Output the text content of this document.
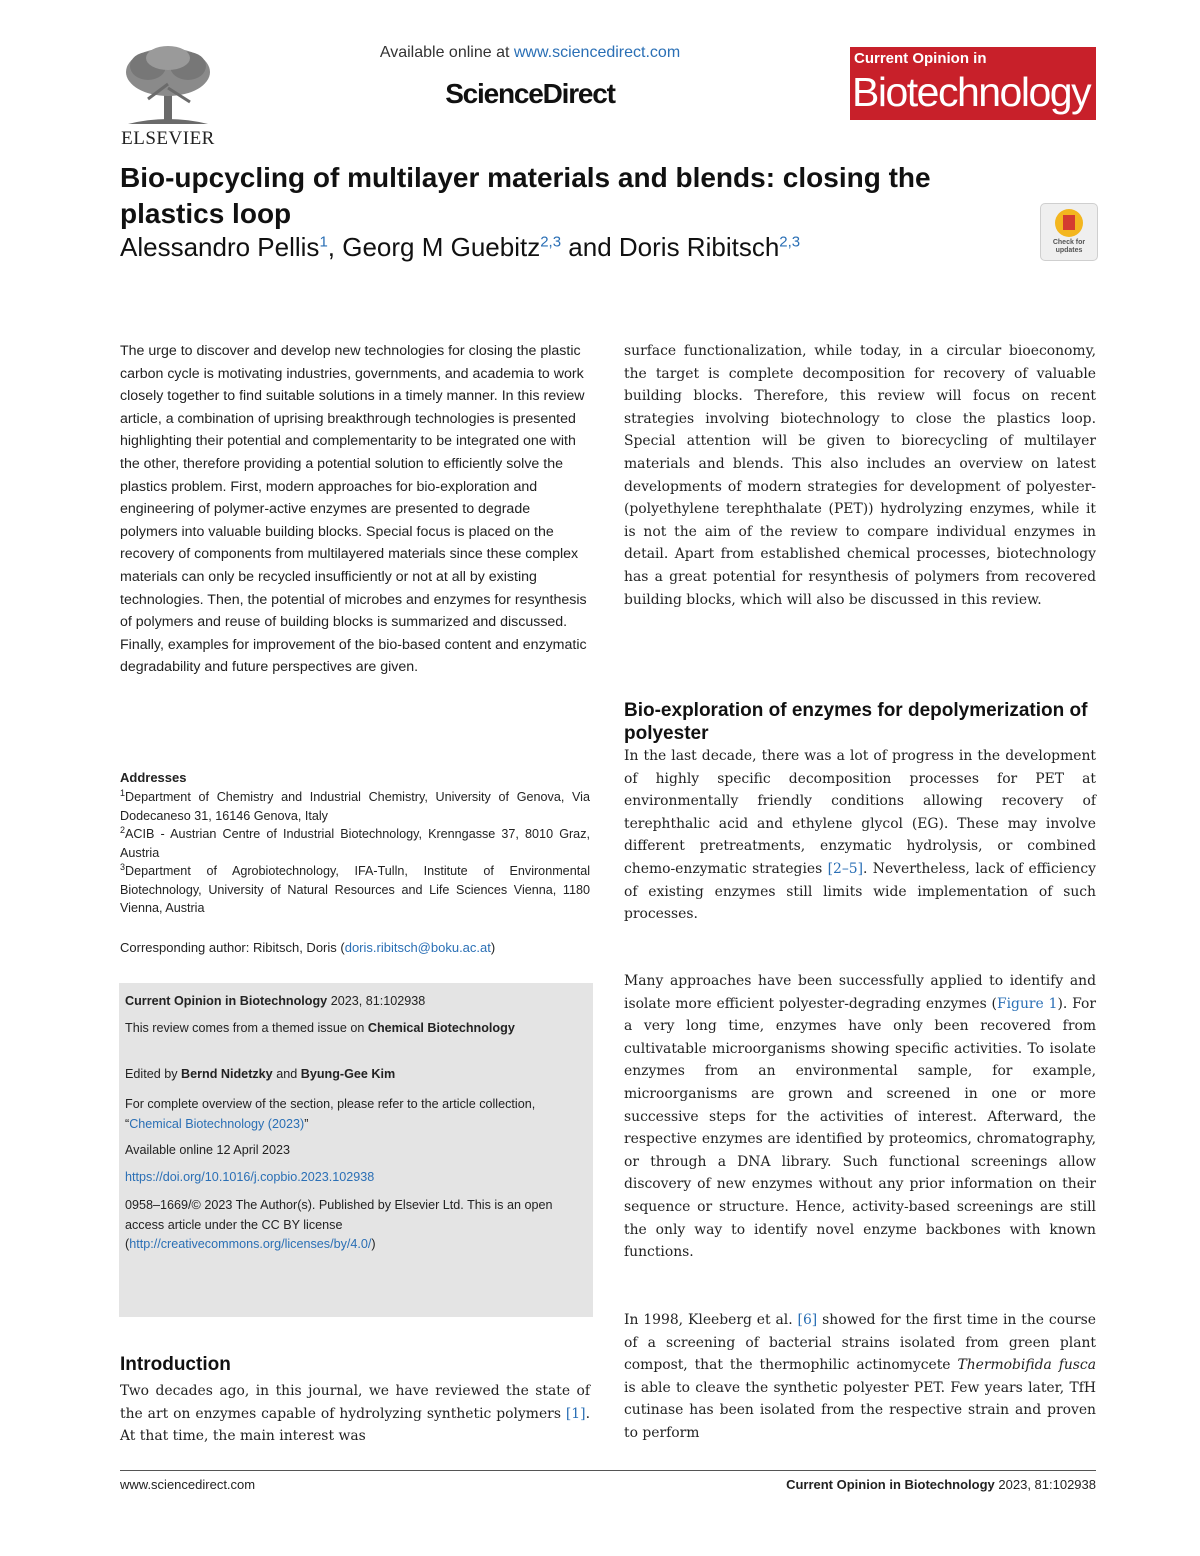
ELSEVIER
Available online at www.sciencedirect.com
ScienceDirect
Current Opinion in
Biotechnology
Bio-upcycling of multilayer materials and blends: closing the plastics loop
Alessandro Pellis$^1$, Georg M Guebitz$^{2,3}$ and Doris Ribitsch$^{2,3}$	Check for updates
The urge to discover and develop new technologies for closing the plastic carbon cycle is motivating industries, governments, and academia to work closely together to find suitable solutions in a timely manner. In this review article, a combination of uprising breakthrough technologies is presented highlighting their potential and complementarity to be integrated one with the other, therefore providing a potential solution to efficiently solve the plastics problem. First, modern approaches for bio-exploration and engineering of polymer-active enzymes are presented to degrade polymers into valuable building blocks. Special focus is placed on the recovery of components from multilayered materials since these complex materials can only be recycled insufficiently or not at all by existing technologies. Then, the potential of microbes and enzymes for resynthesis of polymers and reuse of building blocks is summarized and discussed. Finally, examples for improvement of the bio-based content and enzymatic degradability and future perspectives are given.
Addresses
$^1$Department of Chemistry and Industrial Chemistry, University of Genova, Via Dodecaneso 31, 16146 Genova, Italy
$^2$ACIB - Austrian Centre of Industrial Biotechnology, Krenngasse 37, 8010 Graz, Austria
$^3$Department of Agrobiotechnology, IFA-Tulln, Institute of Environmental Biotechnology, University of Natural Resources and Life Sciences Vienna, 1180 Vienna, Austria
Corresponding author: Ribitsch, Doris (doris.ribitsch@boku.ac.at)
Current Opinion in Biotechnology 2023, 81:102938
This review comes from a themed issue on Chemical Biotechnology
Edited by Bernd Nidetzky and Byung-Gee Kim
For complete overview of the section, please refer to the article collection, “Chemical Biotechnology (2023)”
Available online 12 April 2023
https://doi.org/10.1016/j.copbio.2023.102938
0958–1669/© 2023 The Author(s). Published by Elsevier Ltd. This is an open access article under the CC BY license (http://creativecommons.org/licenses/by/4.0/)
Introduction
Two decades ago, in this journal, we have reviewed the state of the art on enzymes capable of hydrolyzing synthetic polymers [1]. At that time, the main interest was
surface functionalization, while today, in a circular bioeconomy, the target is complete decomposition for recovery of valuable building blocks. Therefore, this review will focus on recent strategies involving biotechnology to close the plastics loop. Special attention will be given to biorecycling of multilayer materials and blends. This also includes an overview on latest developments of modern strategies for development of polyester-(polyethylene terephthalate (PET)) hydrolyzing enzymes, while it is not the aim of the review to compare individual enzymes in detail. Apart from established chemical processes, biotechnology has a great potential for resynthesis of polymers from recovered building blocks, which will also be discussed in this review.
Bio-exploration of enzymes for depolymerization of polyester
In the last decade, there was a lot of progress in the development of highly specific decomposition processes for PET at environmentally friendly conditions allowing recovery of terephthalic acid and ethylene glycol (EG). These may involve different pretreatments, enzymatic hydrolysis, or combined chemo-enzymatic strategies [2–5]. Nevertheless, lack of efficiency of existing enzymes still limits wide implementation of such processes.
Many approaches have been successfully applied to identify and isolate more efficient polyester-degrading enzymes (Figure 1). For a very long time, enzymes have only been recovered from cultivatable microorganisms showing specific activities. To isolate enzymes from an environmental sample, for example, microorganisms are grown and screened in one or more successive steps for the activities of interest. Afterward, the respective enzymes are identified by proteomics, chromatography, or through a DNA library. Such functional screenings allow discovery of new enzymes without any prior information on their sequence or structure. Hence, activity-based screenings are still the only way to identify novel enzyme backbones with known functions.
In 1998, Kleeberg et al. [6] showed for the first time in the course of a screening of bacterial strains isolated from green plant compost, that the thermophilic actinomycete Thermobifida fusca is able to cleave the synthetic polyester PET. Few years later, TfH cutinase has been isolated from the respective strain and proven to perform
www.sciencedirect.com	Current Opinion in Biotechnology 2023, 81:102938
